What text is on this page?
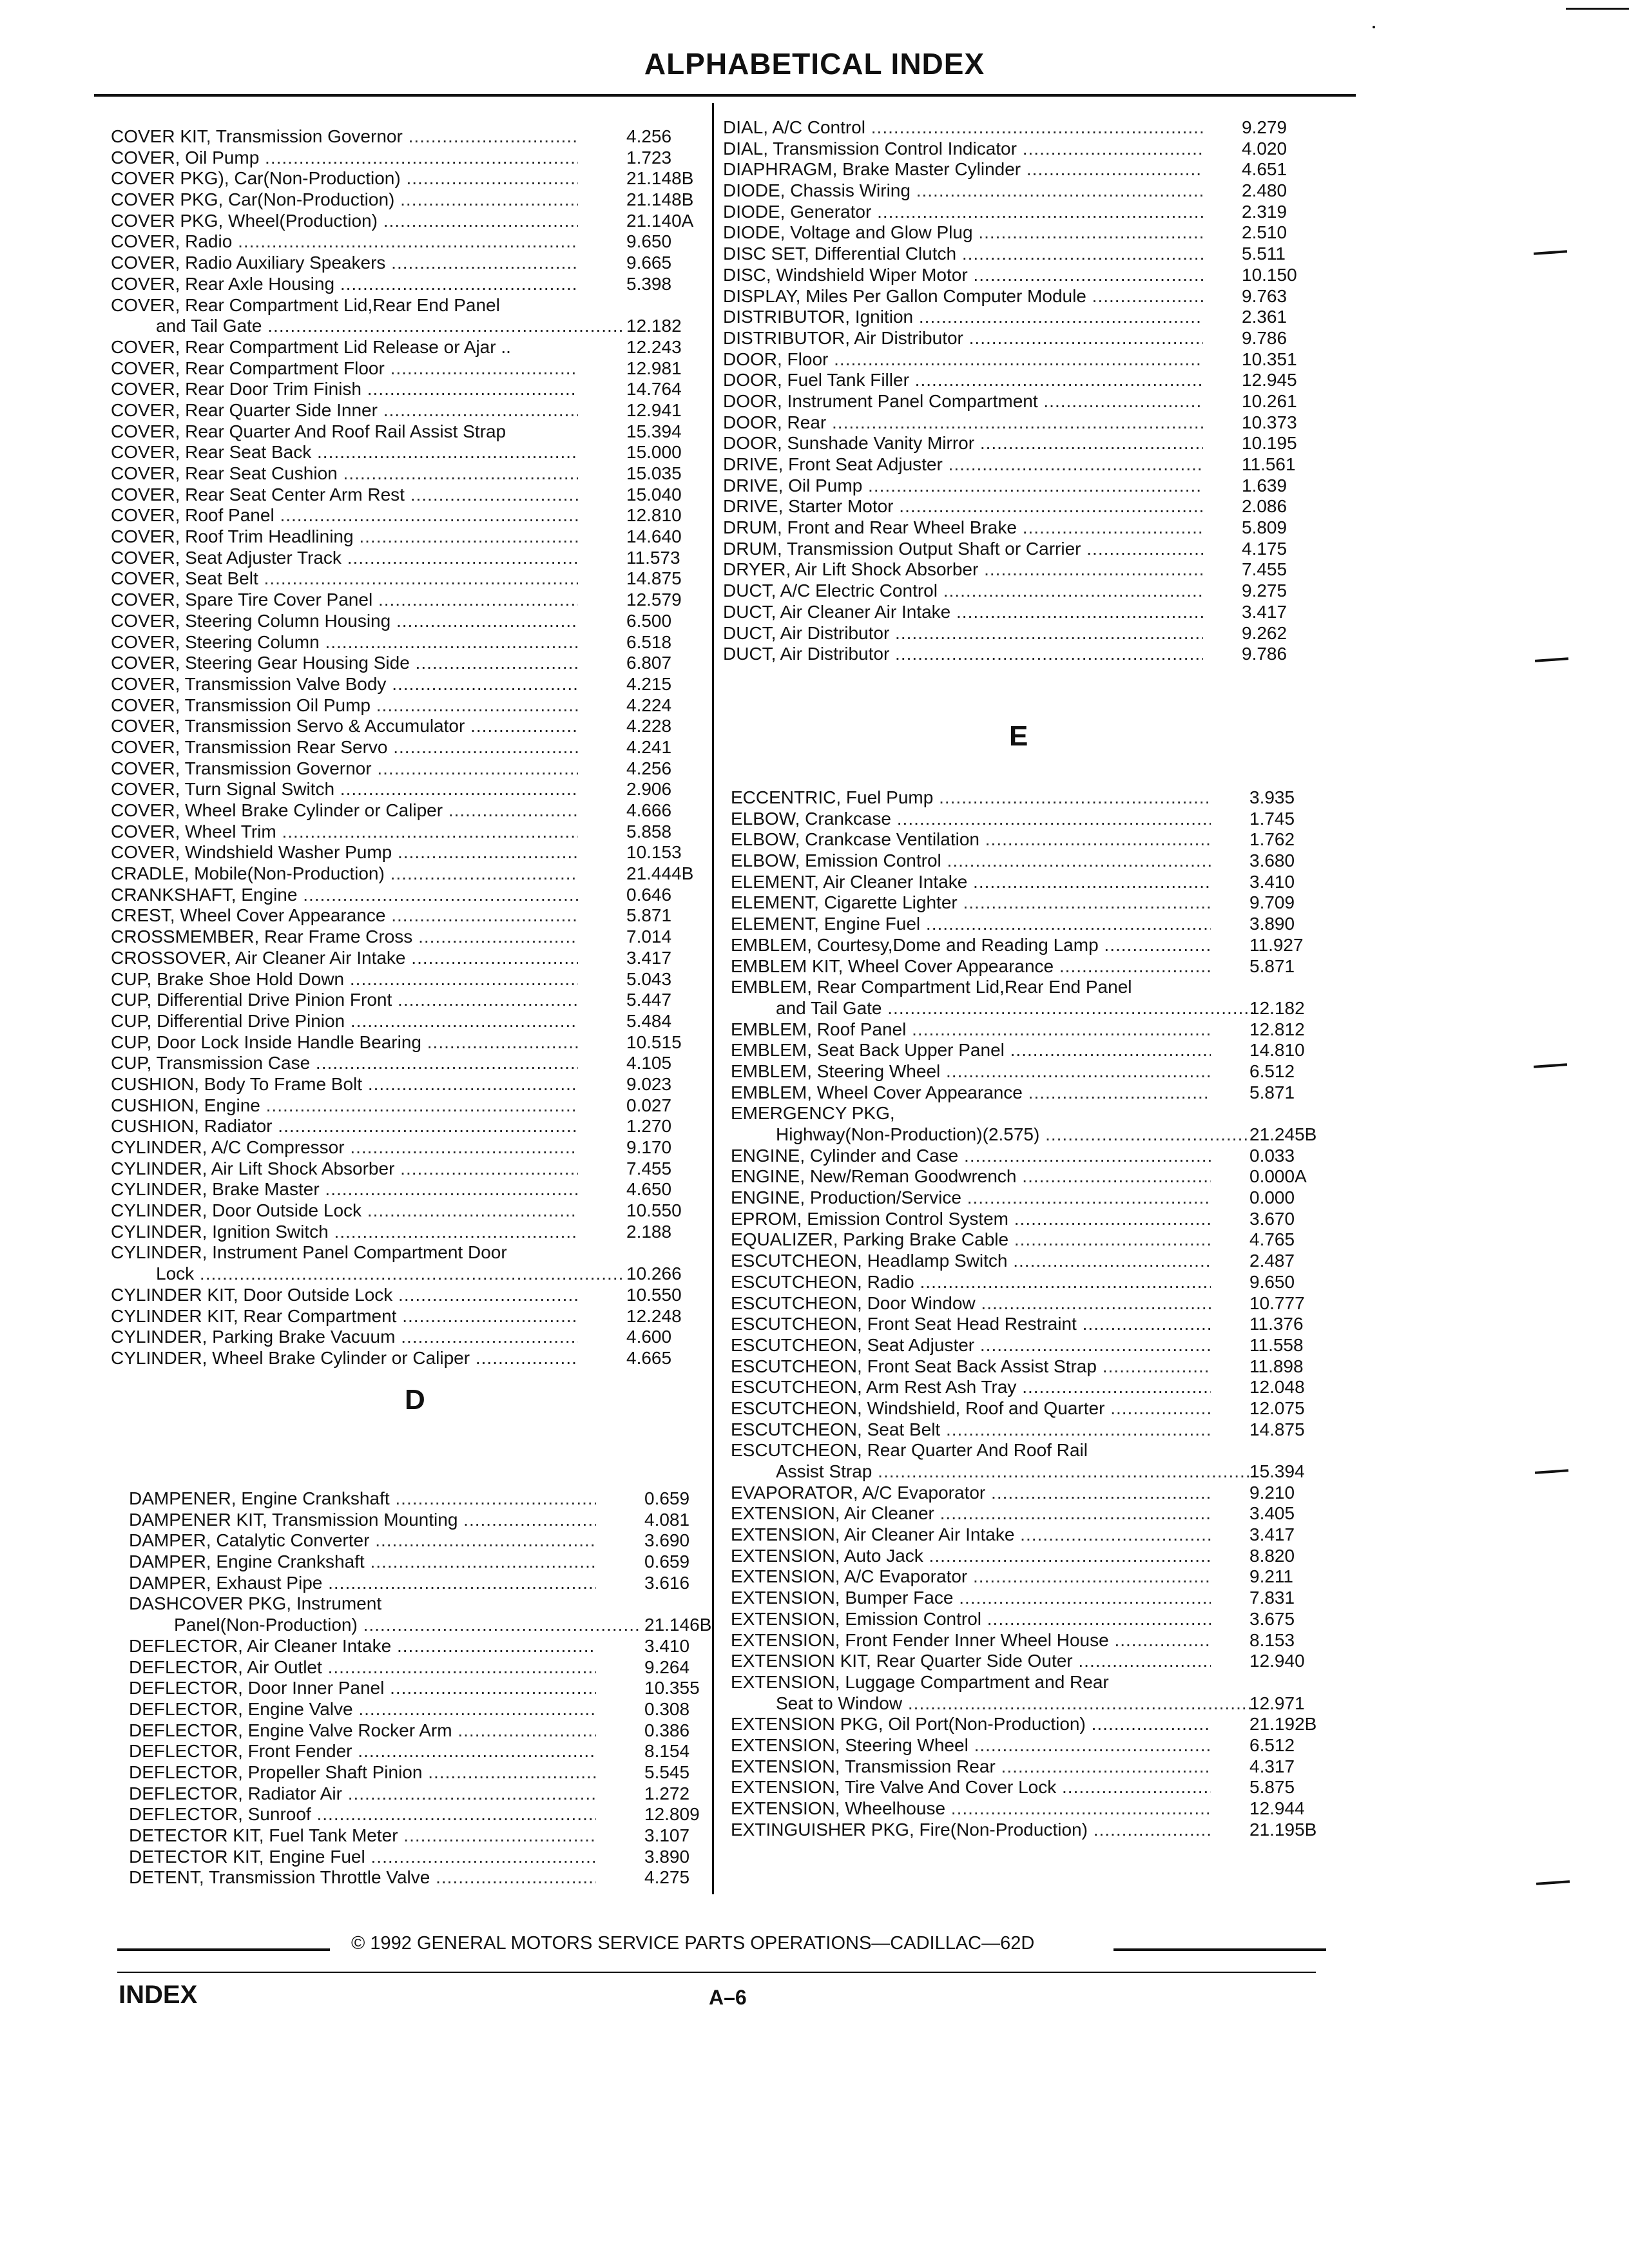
ALPHABETICAL INDEX
COVER KIT, Transmission Governor .....	4.256
COVER, Oil Pump .....	1.723
COVER PKG), Car(Non-Production) .....	21.148B
COVER PKG, Car(Non-Production) .....	21.148B
COVER PKG, Wheel(Production) .....	21.140A
COVER, Radio .....	9.650
COVER, Radio Auxiliary Speakers .....	9.665
COVER, Rear Axle Housing .....	5.398
COVER, Rear Compartment Lid,Rear End Panel
and Tail Gate .....	12.182
COVER, Rear Compartment Lid Release or Ajar ..	12.243
COVER, Rear Compartment Floor .....	12.981
COVER, Rear Door Trim Finish .....	14.764
COVER, Rear Quarter Side Inner .....	12.941
COVER, Rear Quarter And Roof Rail Assist Strap	15.394
COVER, Rear Seat Back .....	15.000
COVER, Rear Seat Cushion .....	15.035
COVER, Rear Seat Center Arm Rest .....	15.040
COVER, Roof Panel .....	12.810
COVER, Roof Trim Headlining .....	14.640
COVER, Seat Adjuster Track .....	11.573
COVER, Seat Belt .....	14.875
COVER, Spare Tire Cover Panel .....	12.579
COVER, Steering Column Housing .....	6.500
COVER, Steering Column .....	6.518
COVER, Steering Gear Housing Side .....	6.807
COVER, Transmission Valve Body .....	4.215
COVER, Transmission Oil Pump .....	4.224
COVER, Transmission Servo & Accumulator .....	4.228
COVER, Transmission Rear Servo .....	4.241
COVER, Transmission Governor .....	4.256
COVER, Turn Signal Switch .....	2.906
COVER, Wheel Brake Cylinder or Caliper .....	4.666
COVER, Wheel Trim .....	5.858
COVER, Windshield Washer Pump .....	10.153
CRADLE, Mobile(Non-Production) .....	21.444B
CRANKSHAFT, Engine .....	0.646
CREST, Wheel Cover Appearance .....	5.871
CROSSMEMBER, Rear Frame Cross .....	7.014
CROSSOVER, Air Cleaner Air Intake .....	3.417
CUP, Brake Shoe Hold Down .....	5.043
CUP, Differential Drive Pinion Front .....	5.447
CUP, Differential Drive Pinion .....	5.484
CUP, Door Lock Inside Handle Bearing .....	10.515
CUP, Transmission Case .....	4.105
CUSHION, Body To Frame Bolt .....	9.023
CUSHION, Engine .....	0.027
CUSHION, Radiator .....	1.270
CYLINDER, A/C Compressor .....	9.170
CYLINDER, Air Lift Shock Absorber .....	7.455
CYLINDER, Brake Master .....	4.650
CYLINDER, Door Outside Lock .....	10.550
CYLINDER, Ignition Switch .....	2.188
CYLINDER, Instrument Panel Compartment Door
Lock .....	10.266
CYLINDER KIT, Door Outside Lock .....	10.550
CYLINDER KIT, Rear Compartment .....	12.248
CYLINDER, Parking Brake Vacuum .....	4.600
CYLINDER, Wheel Brake Cylinder or Caliper .....	4.665
D
DAMPENER, Engine Crankshaft .....	0.659
DAMPENER KIT, Transmission Mounting .....	4.081
DAMPER, Catalytic Converter .....	3.690
DAMPER, Engine Crankshaft .....	0.659
DAMPER, Exhaust Pipe .....	3.616
DASHCOVER PKG, Instrument
Panel(Non-Production) .....	21.146B
DEFLECTOR, Air Cleaner Intake .....	3.410
DEFLECTOR, Air Outlet .....	9.264
DEFLECTOR, Door Inner Panel .....	10.355
DEFLECTOR, Engine Valve .....	0.308
DEFLECTOR, Engine Valve Rocker Arm .....	0.386
DEFLECTOR, Front Fender .....	8.154
DEFLECTOR, Propeller Shaft Pinion .....	5.545
DEFLECTOR, Radiator Air .....	1.272
DEFLECTOR, Sunroof .....	12.809
DETECTOR KIT, Fuel Tank Meter .....	3.107
DETECTOR KIT, Engine Fuel .....	3.890
DETENT, Transmission Throttle Valve .....	4.275
DIAL, A/C Control .....	9.279
DIAL, Transmission Control Indicator .....	4.020
DIAPHRAGM, Brake Master Cylinder .....	4.651
DIODE, Chassis Wiring .....	2.480
DIODE, Generator .....	2.319
DIODE, Voltage and Glow Plug .....	2.510
DISC SET, Differential Clutch .....	5.511
DISC, Windshield Wiper Motor .....	10.150
DISPLAY, Miles Per Gallon Computer Module .....	9.763
DISTRIBUTOR, Ignition .....	2.361
DISTRIBUTOR, Air Distributor .....	9.786
DOOR, Floor .....	10.351
DOOR, Fuel Tank Filler .....	12.945
DOOR, Instrument Panel Compartment .....	10.261
DOOR, Rear .....	10.373
DOOR, Sunshade Vanity Mirror .....	10.195
DRIVE, Front Seat Adjuster .....	11.561
DRIVE, Oil Pump .....	1.639
DRIVE, Starter Motor .....	2.086
DRUM, Front and Rear Wheel Brake .....	5.809
DRUM, Transmission Output Shaft or Carrier .....	4.175
DRYER, Air Lift Shock Absorber .....	7.455
DUCT, A/C Electric Control .....	9.275
DUCT, Air Cleaner Air Intake .....	3.417
DUCT, Air Distributor .....	9.262
DUCT, Air Distributor .....	9.786
E
ECCENTRIC, Fuel Pump .....	3.935
ELBOW, Crankcase .....	1.745
ELBOW, Crankcase Ventilation .....	1.762
ELBOW, Emission Control .....	3.680
ELEMENT, Air Cleaner Intake .....	3.410
ELEMENT, Cigarette Lighter .....	9.709
ELEMENT, Engine Fuel .....	3.890
EMBLEM, Courtesy,Dome and Reading Lamp .....	11.927
EMBLEM KIT, Wheel Cover Appearance .....	5.871
EMBLEM, Rear Compartment Lid,Rear End Panel
and Tail Gate .....	12.182
EMBLEM, Roof Panel .....	12.812
EMBLEM, Seat Back Upper Panel .....	14.810
EMBLEM, Steering Wheel .....	6.512
EMBLEM, Wheel Cover Appearance .....	5.871
EMERGENCY PKG,
Highway(Non-Production)(2.575) .....	21.245B
ENGINE, Cylinder and Case .....	0.033
ENGINE, New/Reman Goodwrench .....	0.000A
ENGINE, Production/Service .....	0.000
EPROM, Emission Control System .....	3.670
EQUALIZER, Parking Brake Cable .....	4.765
ESCUTCHEON, Headlamp Switch .....	2.487
ESCUTCHEON, Radio .....	9.650
ESCUTCHEON, Door Window .....	10.777
ESCUTCHEON, Front Seat Head Restraint .....	11.376
ESCUTCHEON, Seat Adjuster .....	11.558
ESCUTCHEON, Front Seat Back Assist Strap .....	11.898
ESCUTCHEON, Arm Rest Ash Tray .....	12.048
ESCUTCHEON, Windshield, Roof and Quarter .....	12.075
ESCUTCHEON, Seat Belt .....	14.875
ESCUTCHEON, Rear Quarter And Roof Rail
Assist Strap .....	15.394
EVAPORATOR, A/C Evaporator .....	9.210
EXTENSION, Air Cleaner .....	3.405
EXTENSION, Air Cleaner Air Intake .....	3.417
EXTENSION, Auto Jack .....	8.820
EXTENSION, A/C Evaporator .....	9.211
EXTENSION, Bumper Face .....	7.831
EXTENSION, Emission Control .....	3.675
EXTENSION, Front Fender Inner Wheel House .....	8.153
EXTENSION KIT, Rear Quarter Side Outer .....	12.940
EXTENSION, Luggage Compartment and Rear
Seat to Window .....	12.971
EXTENSION PKG, Oil Port(Non-Production) .....	21.192B
EXTENSION, Steering Wheel .....	6.512
EXTENSION, Transmission Rear .....	4.317
EXTENSION, Tire Valve And Cover Lock .....	5.875
EXTENSION, Wheelhouse .....	12.944
EXTINGUISHER PKG, Fire(Non-Production) .....	21.195B
© 1992 GENERAL MOTORS SERVICE PARTS OPERATIONS—CADILLAC—62D
INDEX	A–6
